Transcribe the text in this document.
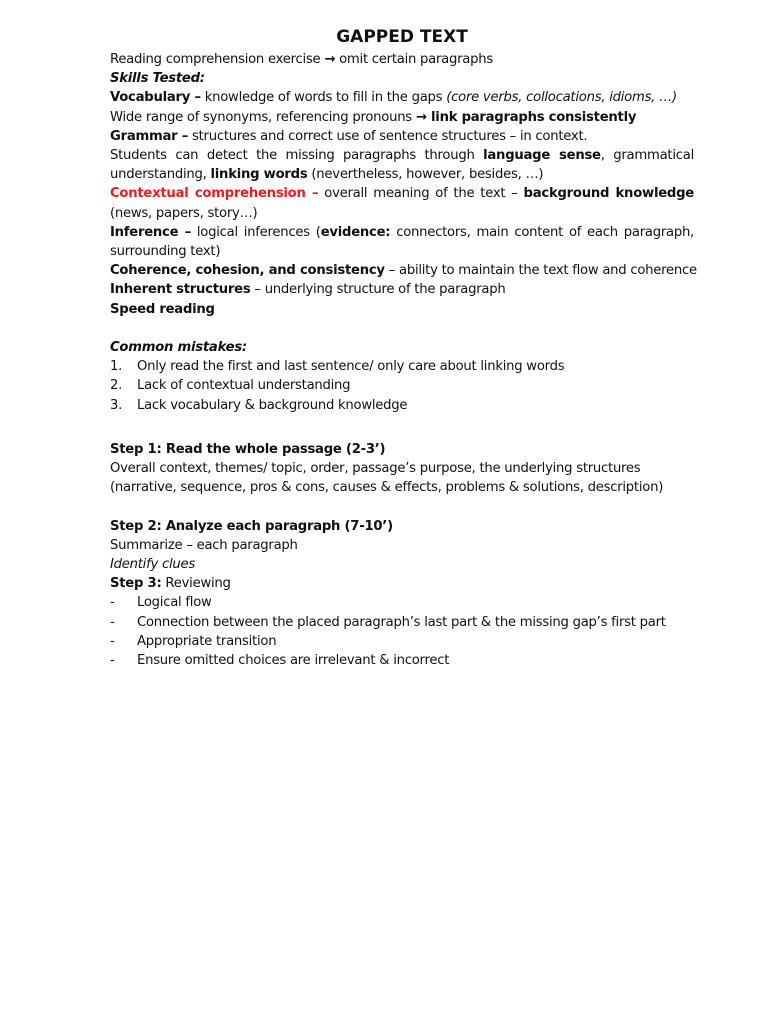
GAPPED TEXT
Reading comprehension exercise → omit certain paragraphs
Skills Tested:
Vocabulary – knowledge of words to fill in the gaps (core verbs, collocations, idioms, …)
Wide range of synonyms, referencing pronouns → link paragraphs consistently
Grammar – structures and correct use of sentence structures – in context.
Students can detect the missing paragraphs through language sense, grammatical understanding, linking words (nevertheless, however, besides, …)
Contextual comprehension – overall meaning of the text – background knowledge (news, papers, story…)
Inference – logical inferences (evidence: connectors, main content of each paragraph, surrounding text)
Coherence, cohesion, and consistency – ability to maintain the text flow and coherence
Inherent structures – underlying structure of the paragraph
Speed reading
Common mistakes:
1.	Only read the first and last sentence/ only care about linking words
2.	Lack of contextual understanding
3.	Lack vocabulary & background knowledge
Step 1: Read the whole passage (2-3’)
Overall context, themes/ topic, order, passage’s purpose, the underlying structures (narrative, sequence, pros & cons, causes & effects, problems & solutions, description)
Step 2: Analyze each paragraph (7-10’)
Summarize – each paragraph
Identify clues
Step 3: Reviewing
-	Logical flow
-	Connection between the placed paragraph’s last part & the missing gap’s first part
-	Appropriate transition
-	Ensure omitted choices are irrelevant & incorrect
